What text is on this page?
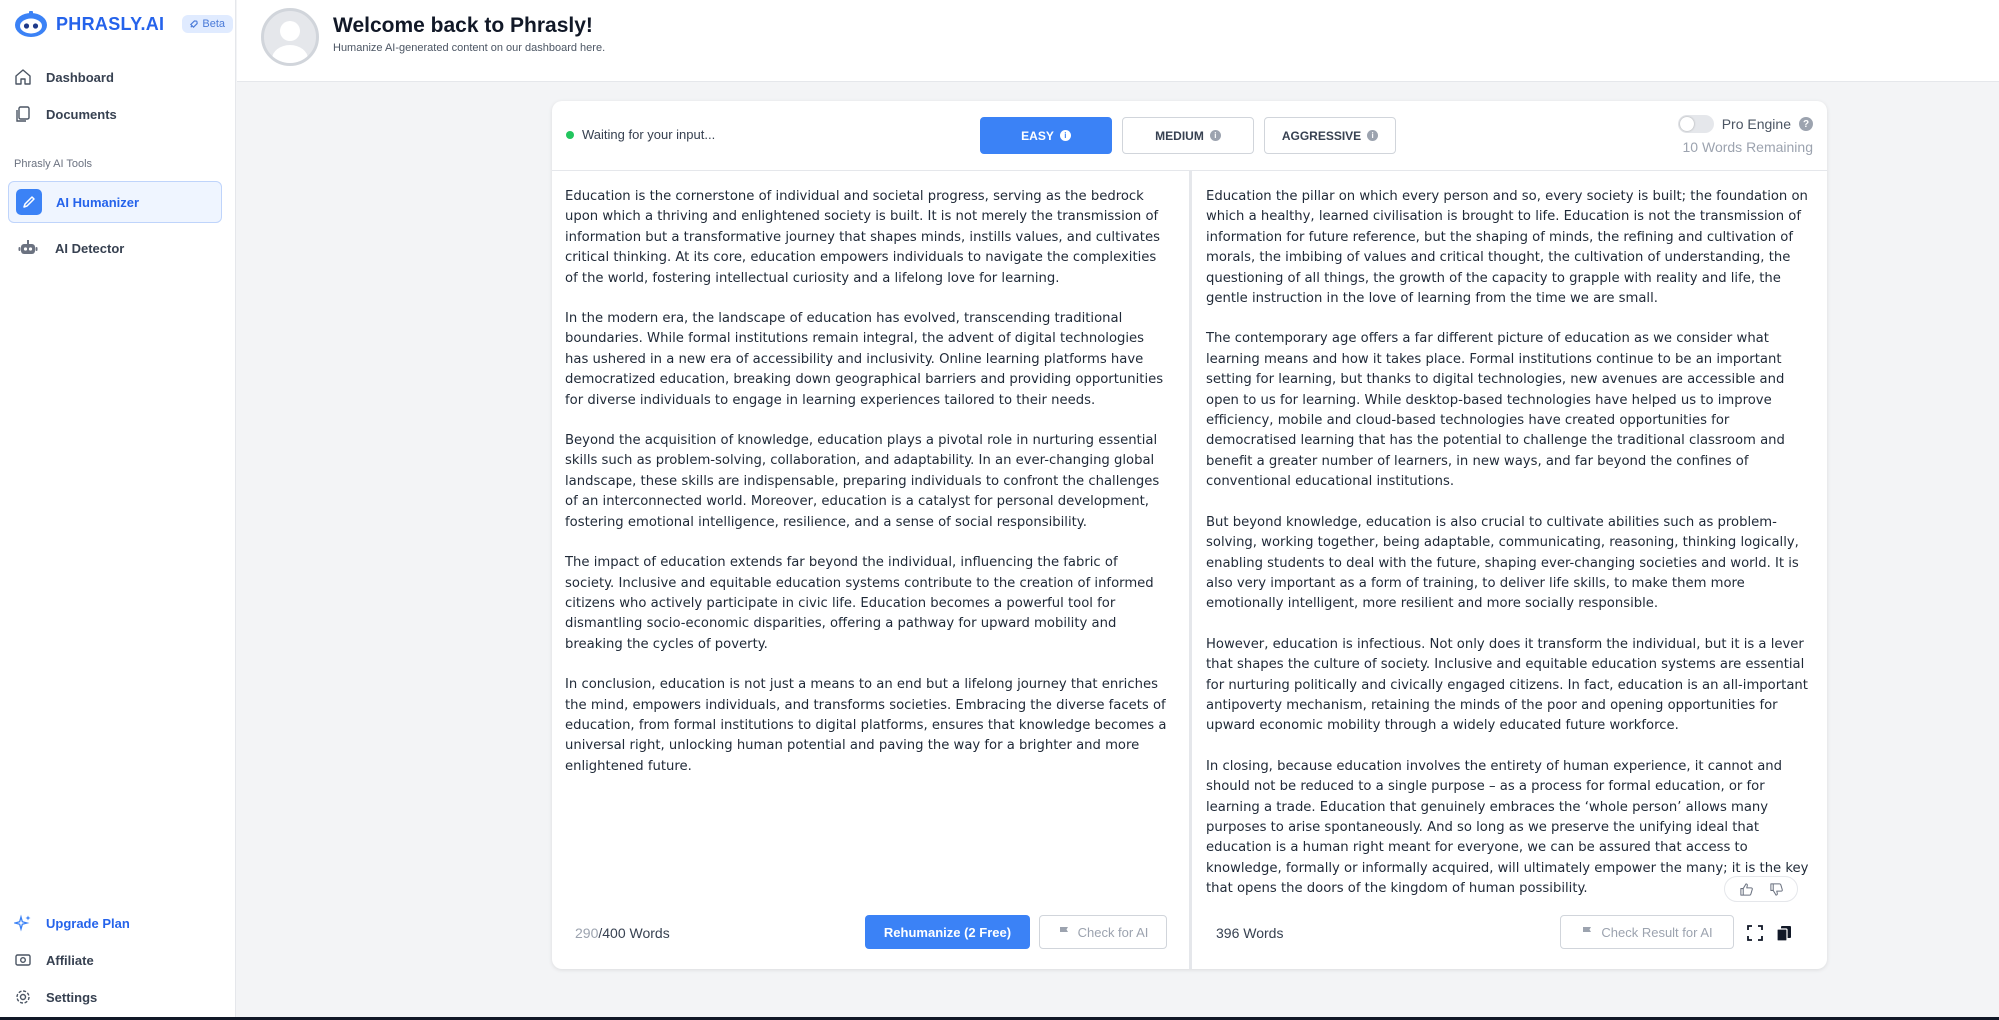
PHRASLY.AI	Beta
Dashboard
Documents
Phrasly AI Tools
AI Humanizer
AI Detector
Upgrade Plan
Affiliate
Settings
Welcome back to Phrasly!
Humanize AI-generated content on our dashboard here.
Waiting for your input...	EASY	i	MEDIUM	i	AGGRESSIVE	i
Pro Engine	?
10 Words Remaining

Education is the cornerstone of individual and societal progress, serving as the bedrock upon which a thriving and enlightened society is built. It is not merely the transmission of information but a transformative journey that shapes minds, instills values, and cultivates critical thinking. At its core, education empowers individuals to navigate the complexities of the world, fostering intellectual curiosity and a lifelong love for learning.

In the modern era, the landscape of education has evolved, transcending traditional boundaries. While formal institutions remain integral, the advent of digital technologies has ushered in a new era of accessibility and inclusivity. Online learning platforms have democratized education, breaking down geographical barriers and providing opportunities for diverse individuals to engage in learning experiences tailored to their needs.

Beyond the acquisition of knowledge, education plays a pivotal role in nurturing essential skills such as problem-solving, collaboration, and adaptability. In an ever-changing global landscape, these skills are indispensable, preparing individuals to confront the challenges of an interconnected world. Moreover, education is a catalyst for personal development, fostering emotional intelligence, resilience, and a sense of social responsibility.

The impact of education extends far beyond the individual, influencing the fabric of society. Inclusive and equitable education systems contribute to the creation of informed citizens who actively participate in civic life. Education becomes a powerful tool for dismantling socio-economic disparities, offering a pathway for upward mobility and breaking the cycles of poverty.

In conclusion, education is not just a means to an end but a lifelong journey that enriches the mind, empowers individuals, and transforms societies. Embracing the diverse facets of education, from formal institutions to digital platforms, ensures that knowledge becomes a universal right, unlocking human potential and paving the way for a brighter and more enlightened future.

Education the pillar on which every person and so, every society is built; the foundation on which a healthy, learned civilisation is brought to life. Education is not the transmission of information for future reference, but the shaping of minds, the refining and cultivation of morals, the imbibing of values and critical thought, the cultivation of understanding, the questioning of all things, the growth of the capacity to grapple with reality and life, the gentle instruction in the love of learning from the time we are small.

The contemporary age offers a far different picture of education as we consider what learning means and how it takes place. Formal institutions continue to be an important setting for learning, but thanks to digital technologies, new avenues are accessible and open to us for learning. While desktop-based technologies have helped us to improve efficiency, mobile and cloud-based technologies have created opportunities for democratised learning that has the potential to challenge the traditional classroom and benefit a greater number of learners, in new ways, and far beyond the confines of conventional educational institutions.

But beyond knowledge, education is also crucial to cultivate abilities such as problem-solving, working together, being adaptable, communicating, reasoning, thinking logically, enabling students to deal with the future, shaping ever-changing societies and world. It is also very important as a form of training, to deliver life skills, to make them more emotionally intelligent, more resilient and more socially responsible.

However, education is infectious. Not only does it transform the individual, but it is a lever that shapes the culture of society. Inclusive and equitable education systems are essential for nurturing politically and civically engaged citizens. In fact, education is an all-important antipoverty mechanism, retaining the minds of the poor and opening opportunities for upward economic mobility through a widely educated future workforce.

In closing, because education involves the entirety of human experience, it cannot and should not be reduced to a single purpose – as a process for formal education, or for learning a trade. Education that genuinely embraces the ‘whole person’ allows many purposes to arise spontaneously. And so long as we preserve the unifying ideal that education is a human right meant for everyone, we can be assured that access to knowledge, formally or informally acquired, will ultimately empower the many; it is the key that opens the doors of the kingdom of human possibility.

290/400 Words	Rehumanize (2 Free)	Check for AI	396 Words	Check Result for AI
